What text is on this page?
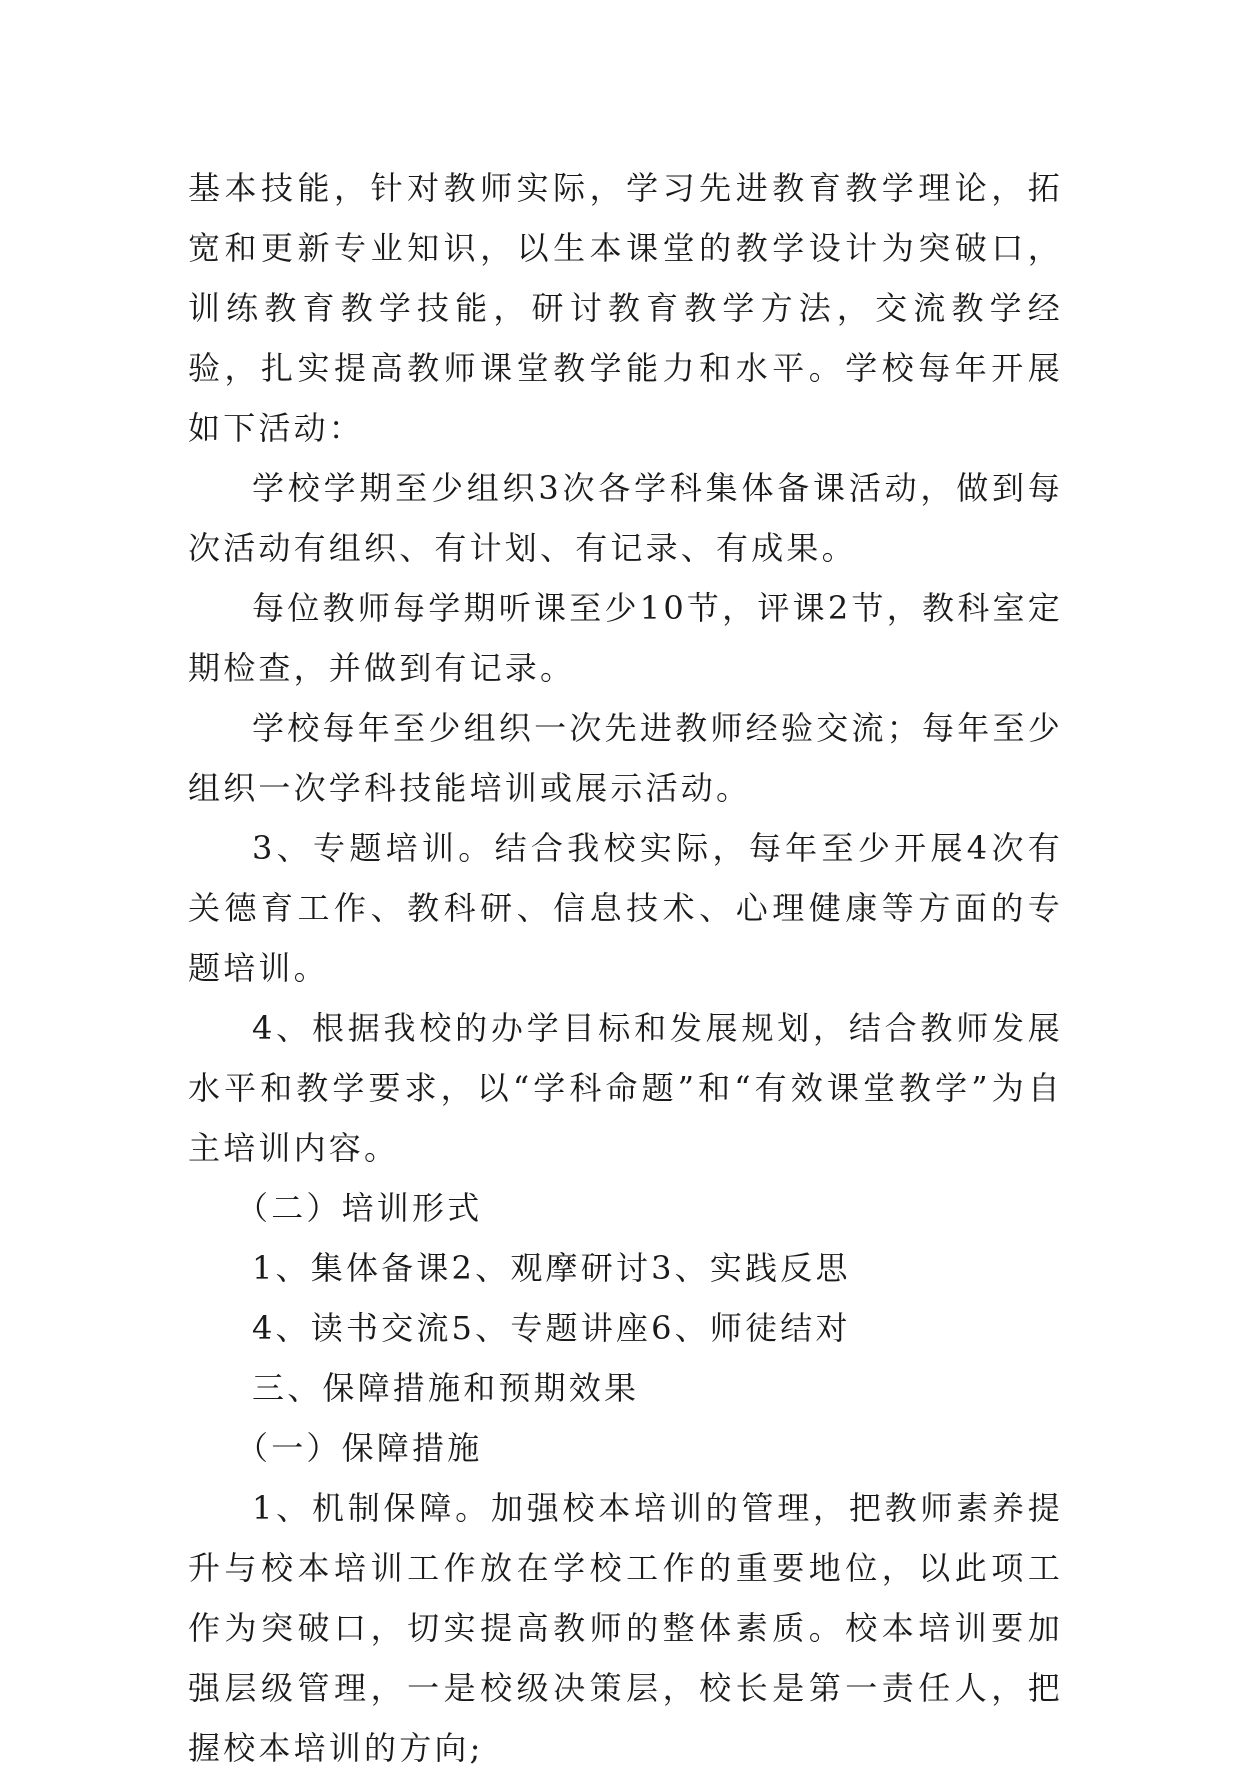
基本技能，针对教师实际，学习先进教育教学理论，拓宽和更新专业知识，以生本课堂的教学设计为突破口，训练教育教学技能，研讨教育教学方法，交流教学经验，扎实提高教师课堂教学能力和水平。学校每年开展如下活动：

学校学期至少组织3次各学科集体备课活动，做到每次活动有组织、有计划、有记录、有成果。

每位教师每学期听课至少10节，评课2节，教科室定期检查，并做到有记录。

学校每年至少组织一次先进教师经验交流；每年至少组织一次学科技能培训或展示活动。

3、专题培训。结合我校实际，每年至少开展4次有关德育工作、教科研、信息技术、心理健康等方面的专题培训。

4、根据我校的办学目标和发展规划，结合教师发展水平和教学要求，以“学科命题”和“有效课堂教学”为自主培训内容。

（二）培训形式

1、集体备课2、观摩研讨3、实践反思

4、读书交流5、专题讲座6、师徒结对

三、保障措施和预期效果

（一）保障措施

1、机制保障。加强校本培训的管理，把教师素养提升与校本培训工作放在学校工作的重要地位，以此项工作为突破口，切实提高教师的整体素质。校本培训要加强层级管理，一是校级决策层，校长是第一责任人，把握校本培训的方向;
